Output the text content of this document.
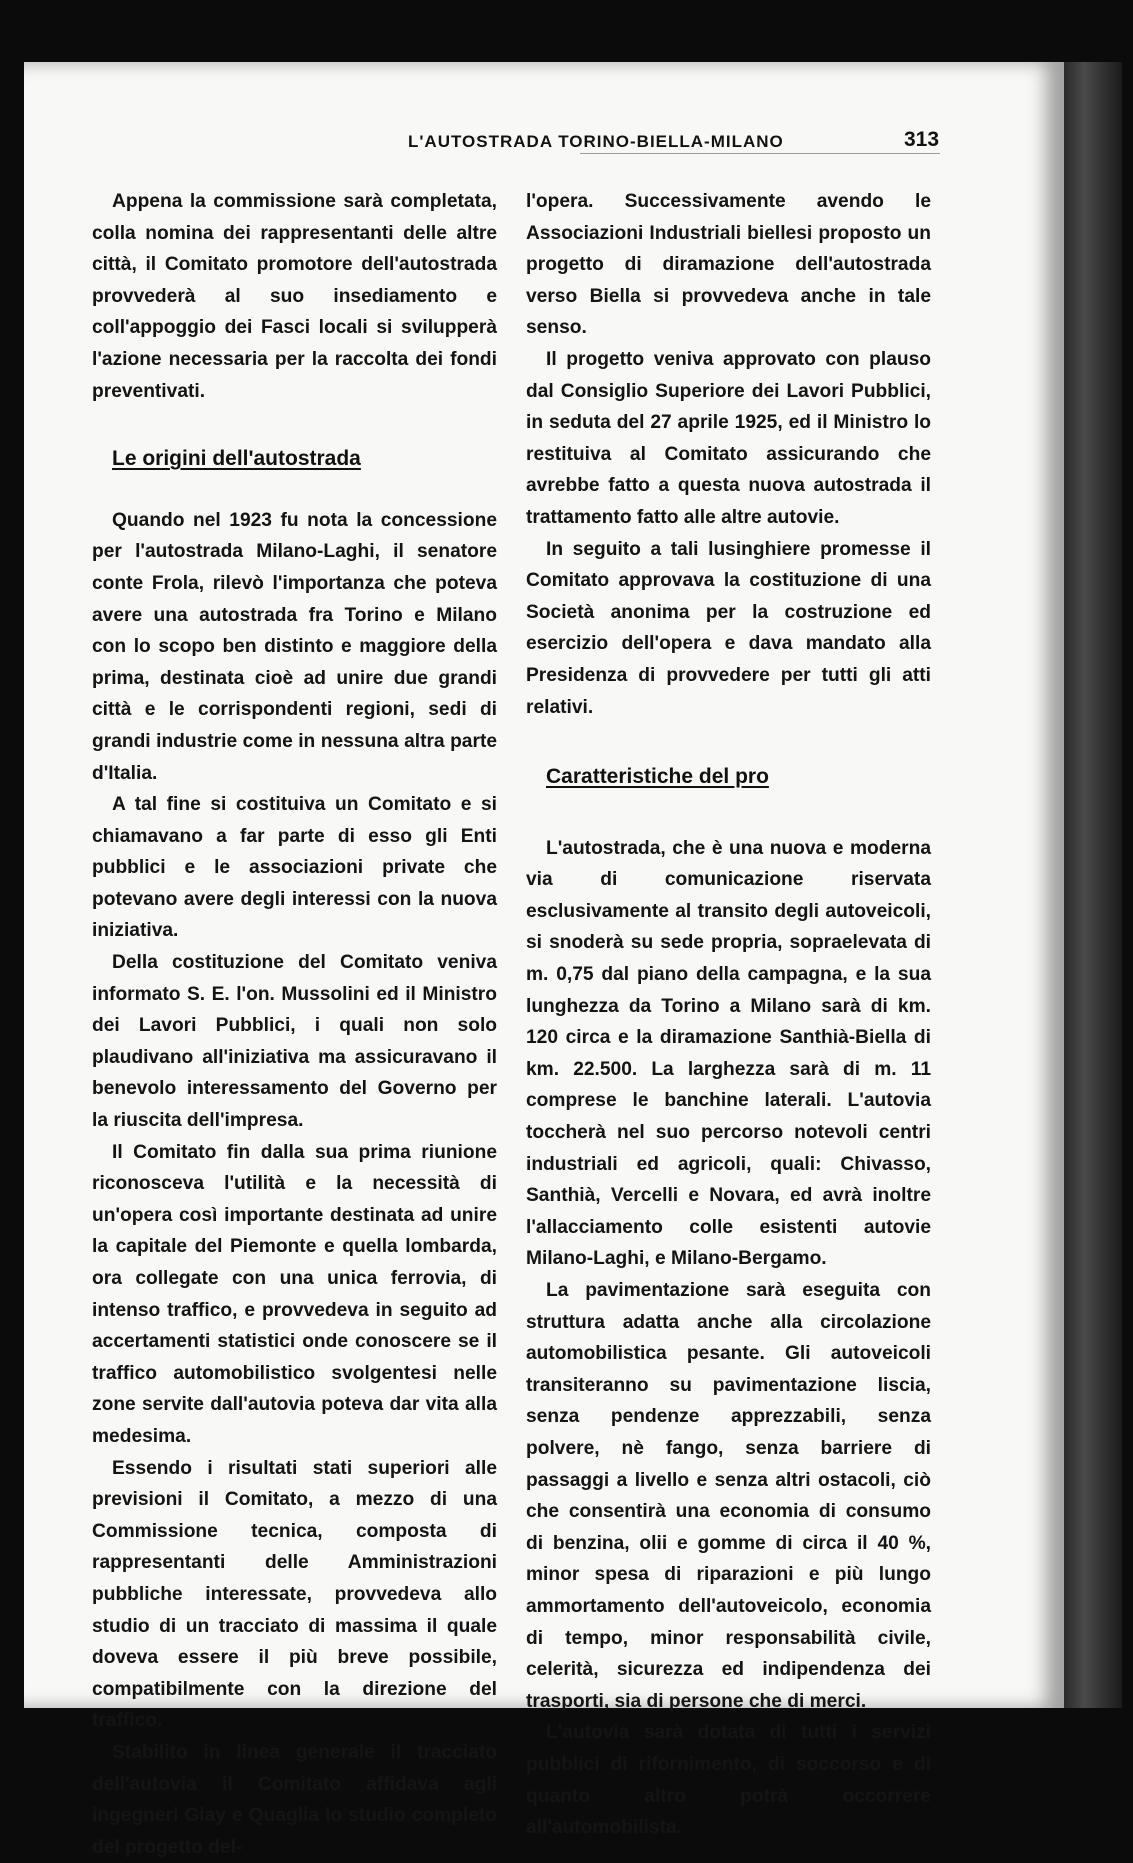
L'AUTOSTRADA TORINO-BIELLA-MILANO	313

Appena la commissione sarà completata, colla nomina dei rappresentanti delle altre città, il Comitato promotore dell'autostrada provvederà al suo insediamento e coll'appoggio dei Fasci locali si svilupperà l'azione necessaria per la raccolta dei fondi preventivati.

Le origini dell'autostrada

Quando nel 1923 fu nota la concessione per l'autostrada Milano-Laghi, il senatore conte Frola, rilevò l'importanza che poteva avere una autostrada fra Torino e Milano con lo scopo ben distinto e maggiore della prima, destinata cioè ad unire due grandi città e le corrispondenti regioni, sedi di grandi industrie come in nessuna altra parte d'Italia.

A tal fine si costituiva un Comitato e si chiamavano a far parte di esso gli Enti pubblici e le associazioni private che potevano avere degli interessi con la nuova iniziativa.

Della costituzione del Comitato veniva informato S. E. l'on. Mussolini ed il Ministro dei Lavori Pubblici, i quali non solo plaudivano all'iniziativa ma assicuravano il benevolo interessamento del Governo per la riuscita dell'impresa.

Il Comitato fin dalla sua prima riunione riconosceva l'utilità e la necessità di un'opera così importante destinata ad unire la capitale del Piemonte e quella lombarda, ora collegate con una unica ferrovia, di intenso traffico, e provvedeva in seguito ad accertamenti statistici onde conoscere se il traffico automobilistico svolgentesi nelle zone servite dall'autovia poteva dar vita alla medesima.

Essendo i risultati stati superiori alle previsioni il Comitato, a mezzo di una Commissione tecnica, composta di rappresentanti delle Amministrazioni pubbliche interessate, provvedeva allo studio di un tracciato di massima il quale doveva essere il più breve possibile, compatibilmente con la direzione del traffico.

Stabilito in linea generale il tracciato dell'autovia il Comitato affidava agli ingegneri Giay e Quaglia lo studio completo del progetto del-

l'opera. Successivamente avendo le Associazioni Industriali biellesi proposto un progetto di diramazione dell'autostrada verso Biella si provvedeva anche in tale senso.

Il progetto veniva approvato con plauso dal Consiglio Superiore dei Lavori Pubblici, in seduta del 27 aprile 1925, ed il Ministro lo restituiva al Comitato assicurando che avrebbe fatto a questa nuova autostrada il trattamento fatto alle altre autovie.

In seguito a tali lusinghiere promesse il Comitato approvava la costituzione di una Società anonima per la costruzione ed esercizio dell'opera e dava mandato alla Presidenza di provvedere per tutti gli atti relativi.

Caratteristiche del pro

L'autostrada, che è una nuova e moderna via di comunicazione riservata esclusivamente al transito degli autoveicoli, si snoderà su sede propria, sopraelevata di m. 0,75 dal piano della campagna, e la sua lunghezza da Torino a Milano sarà di km. 120 circa e la diramazione Santhià-Biella di km. 22.500. La larghezza sarà di m. 11 comprese le banchine laterali. L'autovia toccherà nel suo percorso notevoli centri industriali ed agricoli, quali: Chivasso, Santhià, Vercelli e Novara, ed avrà inoltre l'allacciamento colle esistenti autovie Milano-Laghi, e Milano-Bergamo.

La pavimentazione sarà eseguita con struttura adatta anche alla circolazione automobilistica pesante. Gli autoveicoli transiteranno su pavimentazione liscia, senza pendenze apprezzabili, senza polvere, nè fango, senza barriere di passaggi a livello e senza altri ostacoli, ciò che consentirà una economia di consumo di benzina, olii e gomme di circa il 40 %, minor spesa di riparazioni e più lungo ammortamento dell'autoveicolo, economia di tempo, minor responsabilità civile, celerità, sicurezza ed indipendenza dei trasporti, sia di persone che di merci.

L'autovia sarà dotata di tutti i servizi pubblici di rifornimento, di soccorso e di quanto altro potrà occorrere all'automobilista.
